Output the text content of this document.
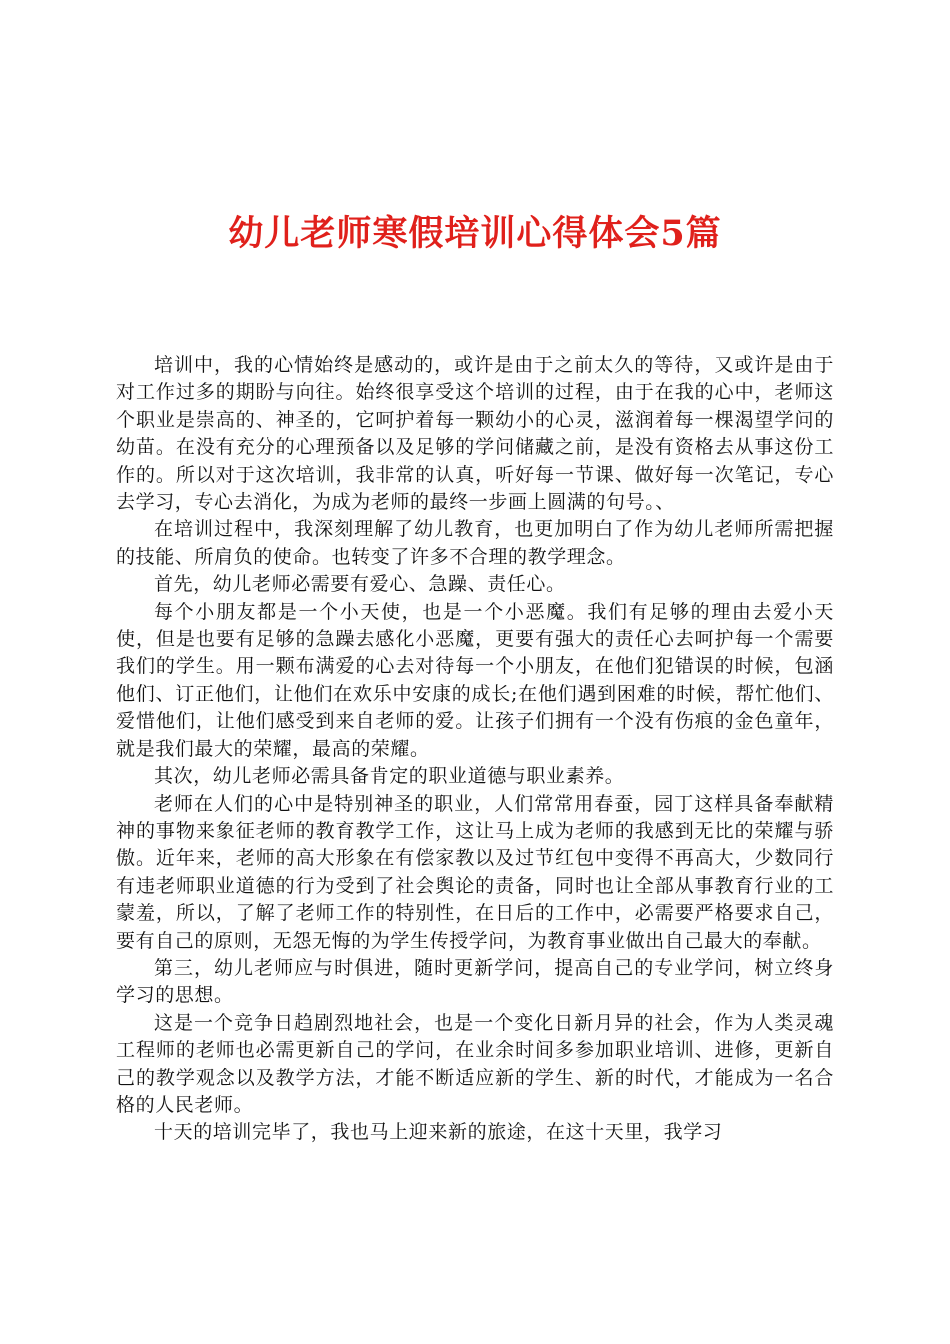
幼儿老师寒假培训心得体会5篇

培训中，我的心情始终是感动的，或许是由于之前太久的等待，又或许是由于对工作过多的期盼与向往。始终很享受这个培训的过程，由于在我的心中，老师这个职业是崇高的、神圣的，它呵护着每一颗幼小的心灵，滋润着每一棵渴望学问的幼苗。在没有充分的心理预备以及足够的学问储藏之前，是没有资格去从事这份工作的。所以对于这次培训，我非常的认真，听好每一节课、做好每一次笔记，专心去学习，专心去消化，为成为老师的最终一步画上圆满的句号。、

在培训过程中，我深刻理解了幼儿教育，也更加明白了作为幼儿老师所需把握的技能、所肩负的使命。也转变了许多不合理的教学理念。

首先，幼儿老师必需要有爱心、急躁、责任心。

每个小朋友都是一个小天使，也是一个小恶魔。我们有足够的理由去爱小天使，但是也要有足够的急躁去感化小恶魔，更要有强大的责任心去呵护每一个需要我们的学生。用一颗布满爱的心去对待每一个小朋友，在他们犯错误的时候，包涵他们、订正他们，让他们在欢乐中安康的成长;在他们遇到困难的时候，帮忙他们、爱惜他们，让他们感受到来自老师的爱。让孩子们拥有一个没有伤痕的金色童年，就是我们最大的荣耀，最高的荣耀。

其次，幼儿老师必需具备肯定的职业道德与职业素养。

老师在人们的心中是特别神圣的职业，人们常常用春蚕，园丁这样具备奉献精神的事物来象征老师的教育教学工作，这让马上成为老师的我感到无比的荣耀与骄傲。近年来，老师的高大形象在有偿家教以及过节红包中变得不再高大，少数同行有违老师职业道德的行为受到了社会舆论的责备，同时也让全部从事教育行业的工蒙羞，所以，了解了老师工作的特别性，在日后的工作中，必需要严格要求自己，要有自己的原则，无怨无悔的为学生传授学问，为教育事业做出自己最大的奉献。

第三，幼儿老师应与时俱进，随时更新学问，提高自己的专业学问，树立终身学习的思想。

这是一个竞争日趋剧烈地社会，也是一个变化日新月异的社会，作为人类灵魂工程师的老师也必需更新自己的学问，在业余时间多参加职业培训、进修，更新自己的教学观念以及教学方法，才能不断适应新的学生、新的时代，才能成为一名合格的人民老师。

十天的培训完毕了，我也马上迎来新的旅途，在这十天里，我学习
